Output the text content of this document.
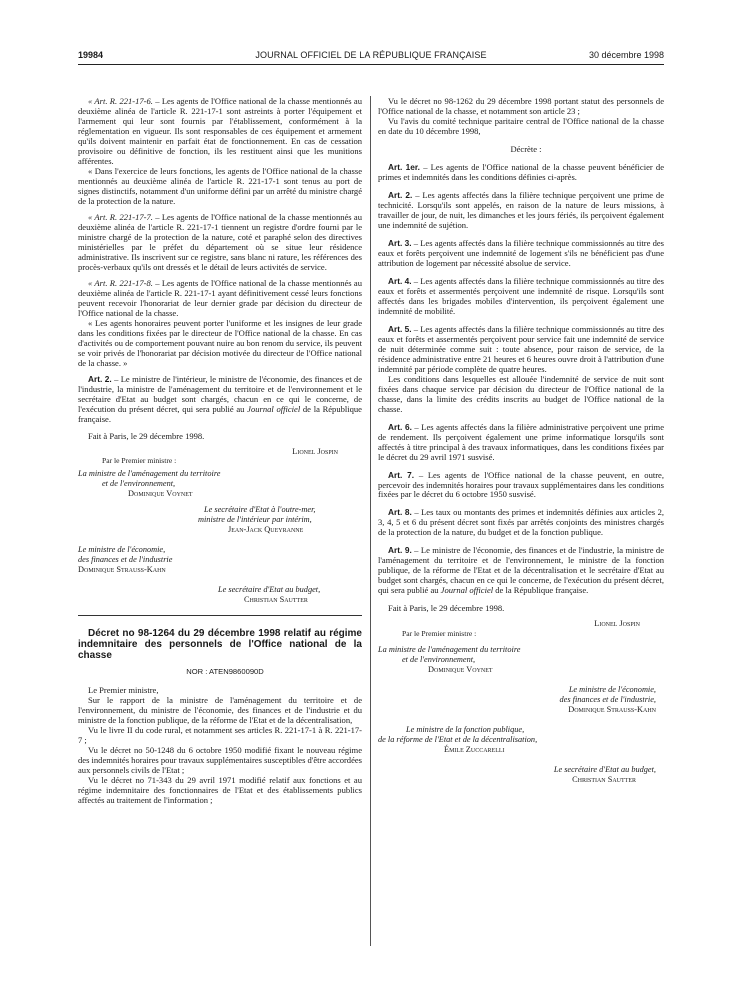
19984	JOURNAL OFFICIEL DE LA RÉPUBLIQUE FRANÇAISE	30 décembre 1998

« Art. R. 221-17-6. – Les agents de l'Office national de la chasse mentionnés au deuxième alinéa de l'article R. 221-17-1 sont astreints à porter l'équipement et l'armement qui leur sont fournis par l'établissement, conformément à la réglementation en vigueur. Ils sont responsables de ces équipement et armement qu'ils doivent maintenir en parfait état de fonctionnement. En cas de cessation provisoire ou définitive de fonction, ils les restituent ainsi que les munitions afférentes.

« Dans l'exercice de leurs fonctions, les agents de l'Office national de la chasse mentionnés au deuxième alinéa de l'article R. 221-17-1 sont tenus au port de signes distinctifs, notamment d'un uniforme défini par un arrêté du ministre chargé de la protection de la nature.

« Art. R. 221-17-7. – Les agents de l'Office national de la chasse mentionnés au deuxième alinéa de l'article R. 221-17-1 tiennent un registre d'ordre fourni par le ministre chargé de la protection de la nature, coté et paraphé selon des directives ministérielles par le préfet du département où se situe leur résidence administrative. Ils inscrivent sur ce registre, sans blanc ni rature, les références des procès-verbaux qu'ils ont dressés et le détail de leurs activités de service.

« Art. R. 221-17-8. – Les agents de l'Office national de la chasse mentionnés au deuxième alinéa de l'article R. 221-17-1 ayant définitivement cessé leurs fonctions peuvent recevoir l'honorariat de leur dernier grade par décision du directeur de l'Office national de la chasse.

« Les agents honoraires peuvent porter l'uniforme et les insignes de leur grade dans les conditions fixées par le directeur de l'Office national de la chasse. En cas d'activités ou de comportement pouvant nuire au bon renom du service, ils peuvent se voir privés de l'honorariat par décision motivée du directeur de l'Office national de la chasse. »

Art. 2. – Le ministre de l'intérieur, le ministre de l'économie, des finances et de l'industrie, la ministre de l'aménagement du territoire et de l'environnement et le secrétaire d'Etat au budget sont chargés, chacun en ce qui le concerne, de l'exécution du présent décret, qui sera publié au Journal officiel de la République française.

Fait à Paris, le 29 décembre 1998.

Lionel Jospin

Par le Premier ministre :

La ministre de l'aménagement du territoire

et de l'environnement,

Dominique Voynet

Le secrétaire d'Etat à l'outre-mer,

ministre de l'intérieur par intérim,

Jean-Jack Queyranne

Le ministre de l'économie,

des finances et de l'industrie

Dominique Strauss-Kahn

Le secrétaire d'Etat au budget,

Christian Sautter

Décret no 98-1264 du 29 décembre 1998 relatif au régime indemnitaire des personnels de l'Office national de la chasse

NOR : ATEN9860090D

Le Premier ministre,

Sur le rapport de la ministre de l'aménagement du territoire et de l'environnement, du ministre de l'économie, des finances et de l'industrie et du ministre de la fonction publique, de la réforme de l'Etat et de la décentralisation,

Vu le livre II du code rural, et notamment ses articles R. 221-17-1 à R. 221-17-7 ;

Vu le décret no 50-1248 du 6 octobre 1950 modifié fixant le nouveau régime des indemnités horaires pour travaux supplémentaires susceptibles d'être accordées aux personnels civils de l'Etat ;

Vu le décret no 71-343 du 29 avril 1971 modifié relatif aux fonctions et au régime indemnitaire des fonctionnaires de l'Etat et des établissements publics affectés au traitement de l'information ;

Vu le décret no 98-1262 du 29 décembre 1998 portant statut des personnels de l'Office national de la chasse, et notamment son article 23 ;

Vu l'avis du comité technique paritaire central de l'Office national de la chasse en date du 10 décembre 1998,

Décrète :

Art. 1er. – Les agents de l'Office national de la chasse peuvent bénéficier de primes et indemnités dans les conditions définies ci-après.

Art. 2. – Les agents affectés dans la filière technique perçoivent une prime de technicité. Lorsqu'ils sont appelés, en raison de la nature de leurs missions, à travailler de jour, de nuit, les dimanches et les jours fériés, ils perçoivent également une indemnité de sujétion.

Art. 3. – Les agents affectés dans la filière technique commissionnés au titre des eaux et forêts perçoivent une indemnité de logement s'ils ne bénéficient pas d'une attribution de logement par nécessité absolue de service.

Art. 4. – Les agents affectés dans la filière technique commissionnés au titre des eaux et forêts et assermentés perçoivent une indemnité de risque. Lorsqu'ils sont affectés dans les brigades mobiles d'intervention, ils perçoivent également une indemnité de mobilité.

Art. 5. – Les agents affectés dans la filière technique commissionnés au titre des eaux et forêts et assermentés perçoivent pour service fait une indemnité de service de nuit déterminée comme suit : toute absence, pour raison de service, de la résidence administrative entre 21 heures et 6 heures ouvre droit à l'attribution d'une indemnité par période complète de quatre heures.

Les conditions dans lesquelles est allouée l'indemnité de service de nuit sont fixées dans chaque service par décision du directeur de l'Office national de la chasse, dans la limite des crédits inscrits au budget de l'Office national de la chasse.

Art. 6. – Les agents affectés dans la filière administrative perçoivent une prime de rendement. Ils perçoivent également une prime informatique lorsqu'ils sont affectés à titre principal à des travaux informatiques, dans les conditions fixées par le décret du 29 avril 1971 susvisé.

Art. 7. – Les agents de l'Office national de la chasse peuvent, en outre, percevoir des indemnités horaires pour travaux supplémentaires dans les conditions fixées par le décret du 6 octobre 1950 susvisé.

Art. 8. – Les taux ou montants des primes et indemnités définies aux articles 2, 3, 4, 5 et 6 du présent décret sont fixés par arrêtés conjoints des ministres chargés de la protection de la nature, du budget et de la fonction publique.

Art. 9. – Le ministre de l'économie, des finances et de l'industrie, la ministre de l'aménagement du territoire et de l'environnement, le ministre de la fonction publique, de la réforme de l'Etat et de la décentralisation et le secrétaire d'Etat au budget sont chargés, chacun en ce qui le concerne, de l'exécution du présent décret, qui sera publié au Journal officiel de la République française.

Fait à Paris, le 29 décembre 1998.

Lionel Jospin

Par le Premier ministre :

La ministre de l'aménagement du territoire

et de l'environnement,

Dominique Voynet

Le ministre de l'économie,

des finances et de l'industrie,

Dominique Strauss-Kahn

Le ministre de la fonction publique,

de la réforme de l'Etat et de la décentralisation,

Émile Zuccarelli

Le secrétaire d'Etat au budget,

Christian Sautter
